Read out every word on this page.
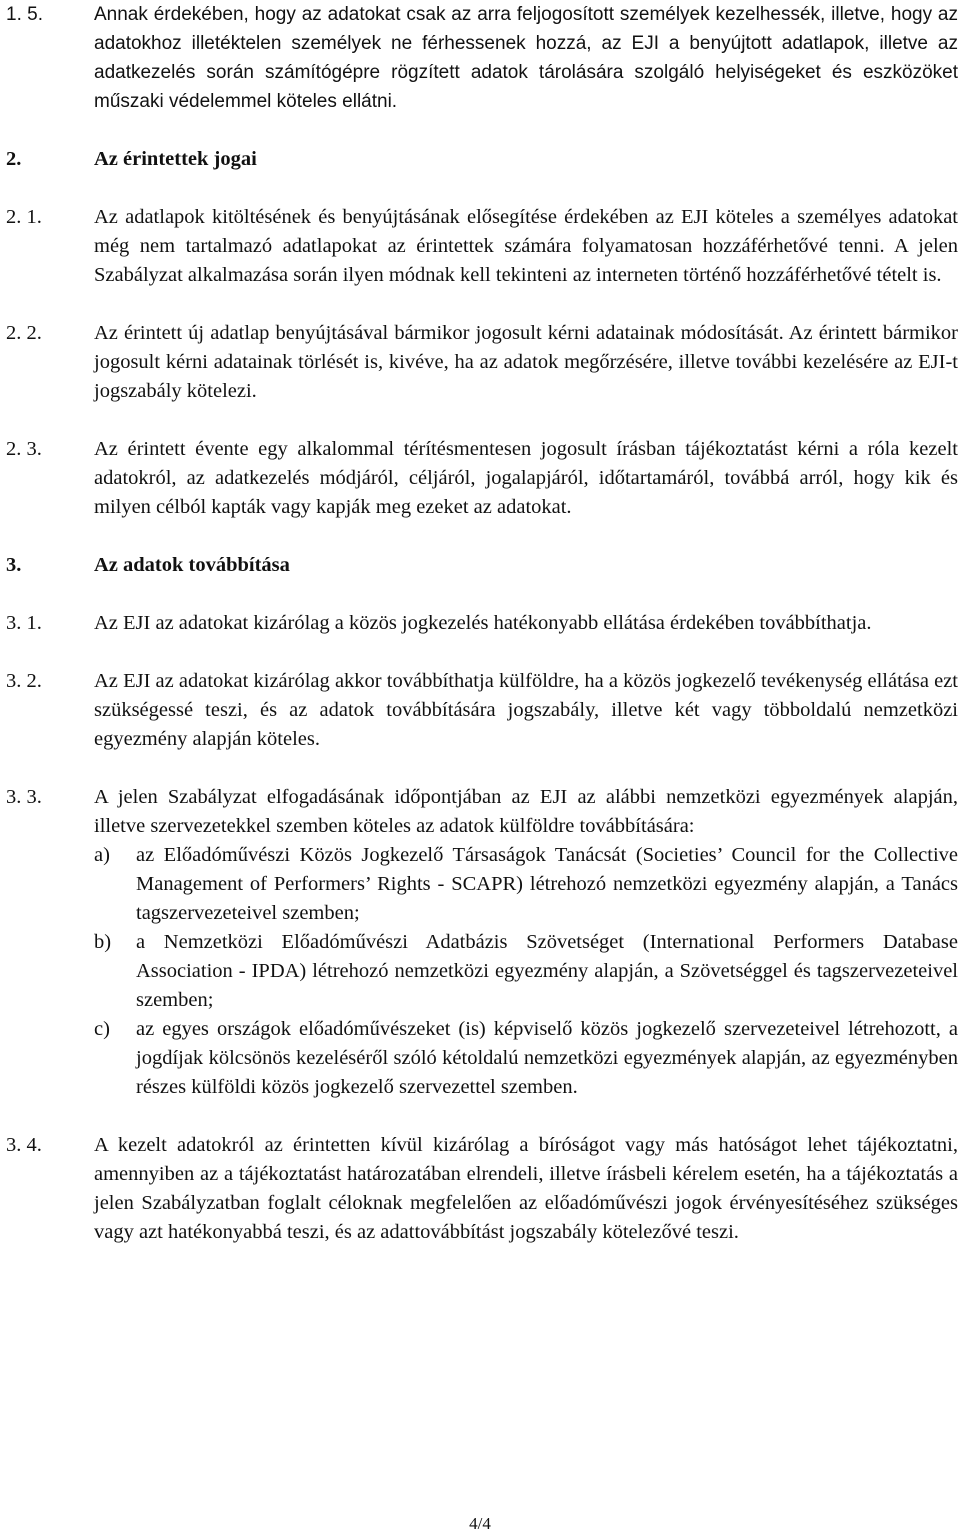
1. 5.	Annak érdekében, hogy az adatokat csak az arra feljogosított személyek kezelhessék, illetve, hogy az adatokhoz illetéktelen személyek ne férhessenek hozzá, az EJI a benyújtott adatlapok, illetve az adatkezelés során számítógépre rögzített adatok tárolására szolgáló helyiségeket és eszközöket műszaki védelemmel köteles ellátni.
2.	Az érintettek jogai
2. 1.	Az adatlapok kitöltésének és benyújtásának elősegítése érdekében az EJI köteles a személyes adatokat még nem tartalmazó adatlapokat az érintettek számára folyamatosan hozzáférhetővé tenni. A jelen Szabályzat alkalmazása során ilyen módnak kell tekinteni az interneten történő hozzáférhetővé tételt is.
2. 2.	Az érintett új adatlap benyújtásával bármikor jogosult kérni adatainak módosítását. Az érintett bármikor jogosult kérni adatainak törlését is, kivéve, ha az adatok megőrzésére, illetve további kezelésére az EJI-t jogszabály kötelezi.
2. 3.	Az érintett évente egy alkalommal térítésmentesen jogosult írásban tájékoztatást kérni a róla kezelt adatokról, az adatkezelés módjáról, céljáról, jogalapjáról, időtartamáról, továbbá arról, hogy kik és milyen célból kapták vagy kapják meg ezeket az adatokat.
3.	Az adatok továbbítása
3. 1.	Az EJI az adatokat kizárólag a közös jogkezelés hatékonyabb ellátása érdekében továbbíthatja.
3. 2.	Az EJI az adatokat kizárólag akkor továbbíthatja külföldre, ha a közös jogkezelő tevékenység ellátása ezt szükségessé teszi, és az adatok továbbítására jogszabály, illetve két vagy többoldalú nemzetközi egyezmény alapján köteles.
3. 3.	A jelen Szabályzat elfogadásának időpontjában az EJI az alábbi nemzetközi egyezmények alapján, illetve szervezetekkel szemben köteles az adatok külföldre továbbítására:
a)	az Előadóművészi Közös Jogkezelő Társaságok Tanácsát (Societies’ Council for the Collective Management of Performers’ Rights - SCAPR) létrehozó nemzetközi egyezmény alapján, a Tanács tagszervezeteivel szemben;
b)	a Nemzetközi Előadóművészi Adatbázis Szövetséget (International Performers Database Association - IPDA) létrehozó nemzetközi egyezmény alapján, a Szövetséggel és tagszervezeteivel szemben;
c)	az egyes országok előadóművészeket (is) képviselő közös jogkezelő szervezeteivel létrehozott, a jogdíjak kölcsönös kezeléséről szóló kétoldalú nemzetközi egyezmények alapján, az egyezményben részes külföldi közös jogkezelő szervezettel szemben.
3. 4.	A kezelt adatokról az érintetten kívül kizárólag a bíróságot vagy más hatóságot lehet tájékoztatni, amennyiben az a tájékoztatást határozatában elrendeli, illetve írásbeli kérelem esetén, ha a tájékoztatás a jelen Szabályzatban foglalt céloknak megfelelően az előadóművészi jogok érvényesítéséhez szükséges vagy azt hatékonyabbá teszi, és az adattovábbítást jogszabály kötelezővé teszi.
4/4
